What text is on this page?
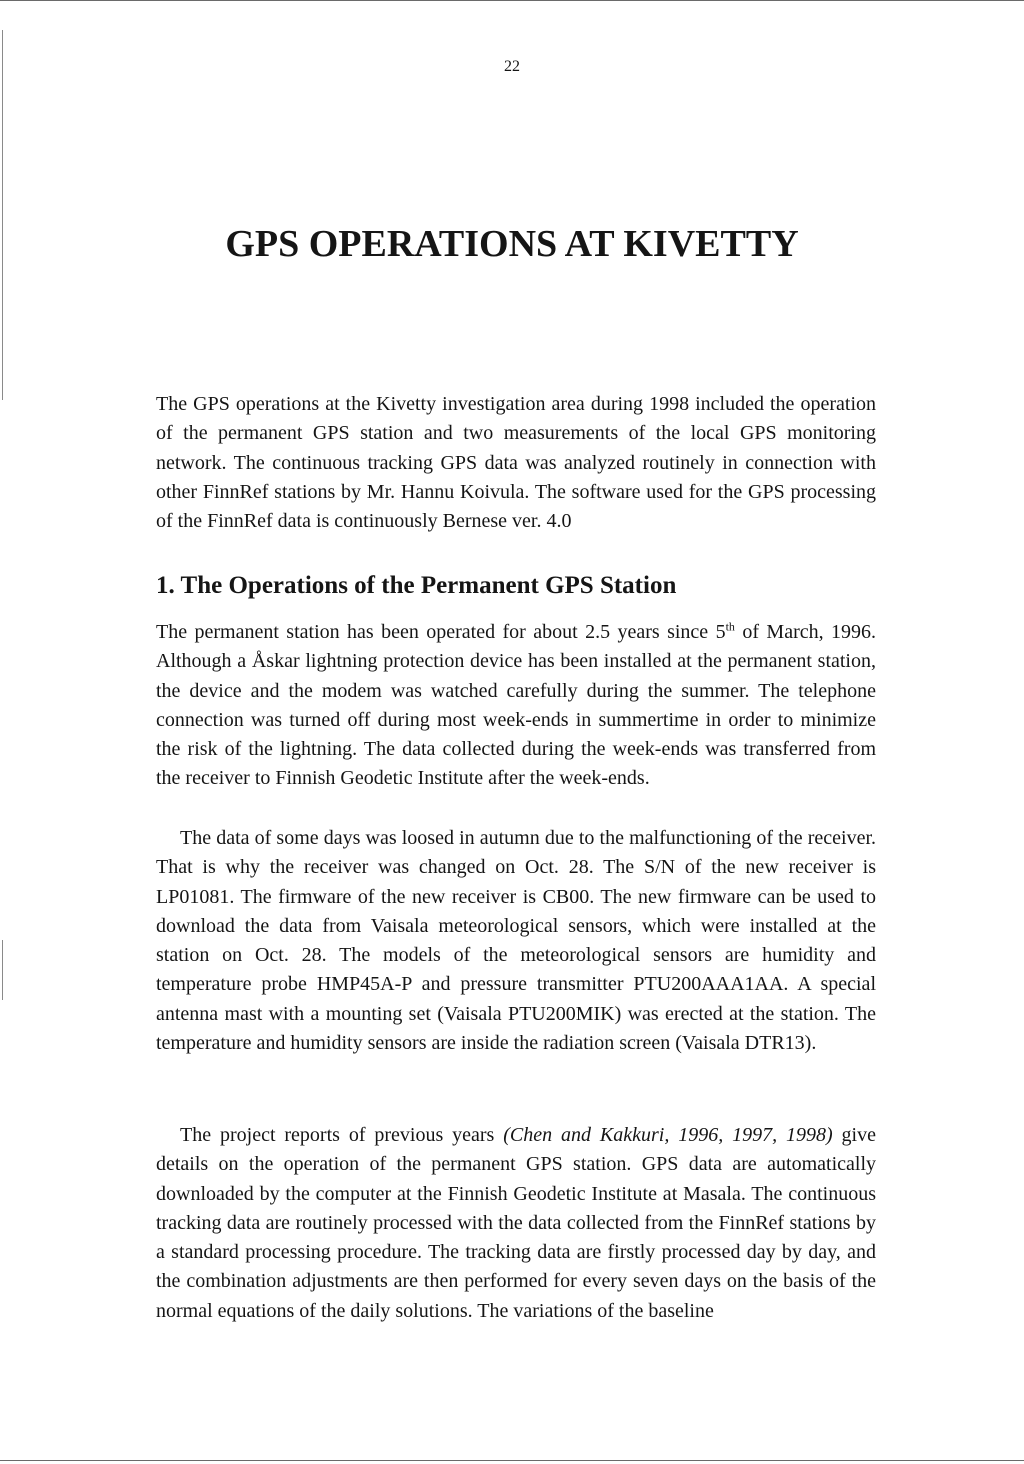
22
GPS OPERATIONS AT KIVETTY

The GPS operations at the Kivetty investigation area during 1998 included the operation of the permanent GPS station and two measurements of the local GPS monitoring network. The continuous tracking GPS data was analyzed routinely in connection with other FinnRef stations by Mr. Hannu Koivula. The software used for the GPS processing of the FinnRef data is continuously Bernese ver. 4.0

1. The Operations of the Permanent GPS Station

The permanent station has been operated for about 2.5 years since 5th of March, 1996. Although a Åskar lightning protection device has been installed at the permanent station, the device and the modem was watched carefully during the summer. The telephone connection was turned off during most week-ends in summertime in order to minimize the risk of the lightning. The data collected during the week-ends was transferred from the receiver to Finnish Geodetic Institute after the week-ends.

The data of some days was loosed in autumn due to the malfunctioning of the receiver. That is why the receiver was changed on Oct. 28. The S/N of the new receiver is LP01081. The firmware of the new receiver is CB00. The new firmware can be used to download the data from Vaisala meteorological sensors, which were installed at the station on Oct. 28. The models of the meteorological sensors are humidity and temperature probe HMP45A-P and pressure transmitter PTU200AAA1AA. A special antenna mast with a mounting set (Vaisala PTU200MIK) was erected at the station. The temperature and humidity sensors are inside the radiation screen (Vaisala DTR13).

The project reports of previous years (Chen and Kakkuri, 1996, 1997, 1998) give details on the operation of the permanent GPS station. GPS data are automatically downloaded by the computer at the Finnish Geodetic Institute at Masala. The continuous tracking data are routinely processed with the data collected from the FinnRef stations by a standard processing procedure. The tracking data are firstly processed day by day, and the combination adjustments are then performed for every seven days on the basis of the normal equations of the daily solutions. The variations of the baseline
